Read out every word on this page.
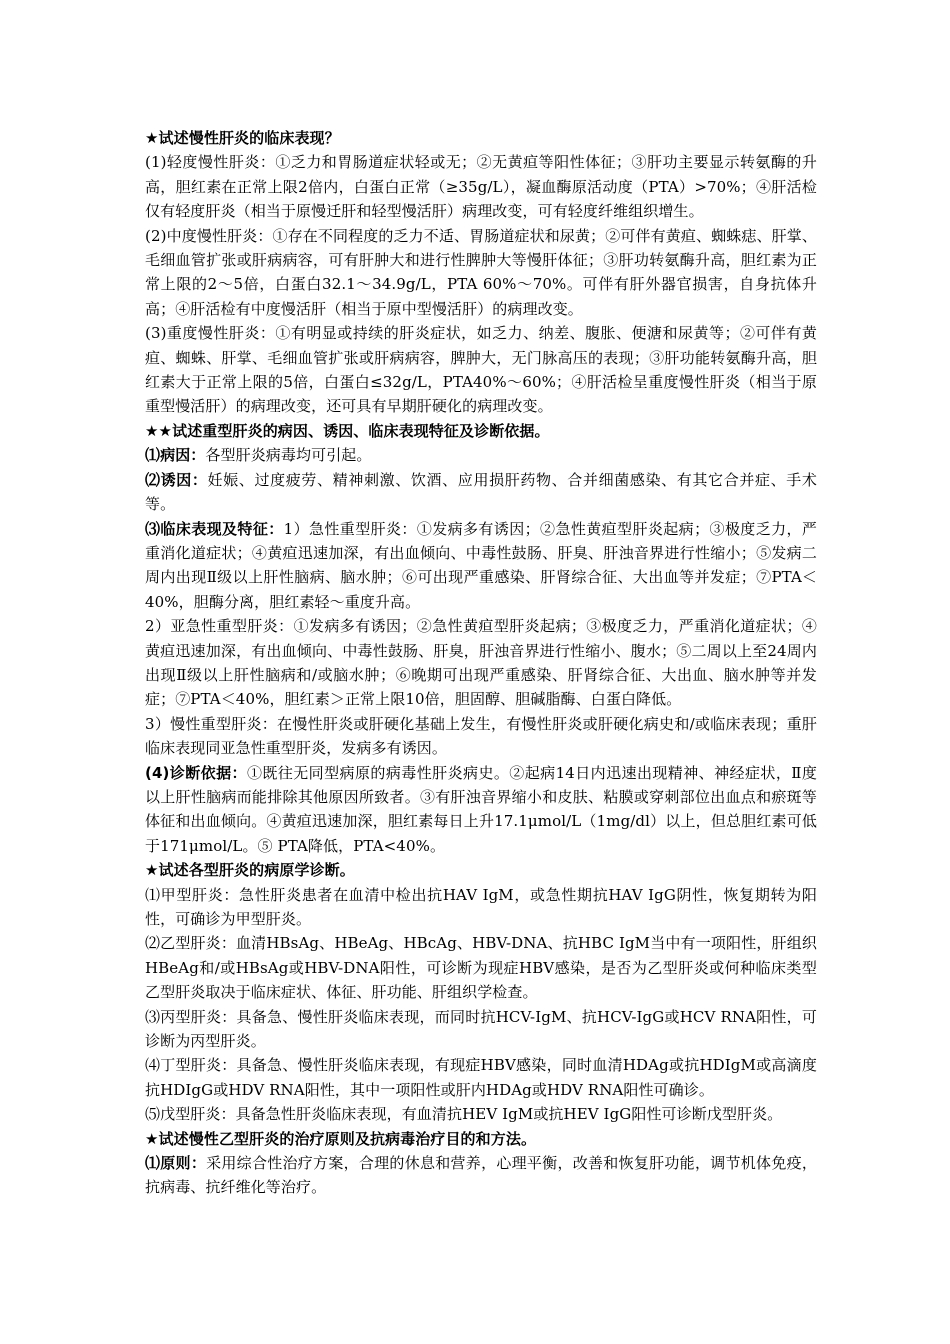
★试述慢性肝炎的临床表现？

(1)轻度慢性肝炎：①乏力和胃肠道症状轻或无；②无黄疸等阳性体征；③肝功主要显示转氨酶的升高，胆红素在正常上限2倍内，白蛋白正常（≥35g/L），凝血酶原活动度（PTA）>70%；④肝活检仅有轻度肝炎（相当于原慢迁肝和轻型慢活肝）病理改变，可有轻度纤维组织增生。

(2)中度慢性肝炎：①存在不同程度的乏力不适、胃肠道症状和尿黄；②可伴有黄疸、蜘蛛痣、肝掌、毛细血管扩张或肝病病容，可有肝肿大和进行性脾肿大等慢肝体征；③肝功转氨酶升高，胆红素为正常上限的2～5倍，白蛋白32.1～34.9g/L，PTA 60%～70%。可伴有肝外器官损害，自身抗体升高；④肝活检有中度慢活肝（相当于原中型慢活肝）的病理改变。

(3)重度慢性肝炎：①有明显或持续的肝炎症状，如乏力、纳差、腹胀、便溏和尿黄等；②可伴有黄疸、蜘蛛、肝掌、毛细血管扩张或肝病病容，脾肿大，无门脉高压的表现；③肝功能转氨酶升高，胆红素大于正常上限的5倍，白蛋白≤32g/L，PTA40%～60%；④肝活检呈重度慢性肝炎（相当于原重型慢活肝）的病理改变，还可具有早期肝硬化的病理改变。

★★试述重型肝炎的病因、诱因、临床表现特征及诊断依据。

⑴病因：各型肝炎病毒均可引起。

⑵诱因：妊娠、过度疲劳、精神刺激、饮酒、应用损肝药物、合并细菌感染、有其它合并症、手术等。

⑶临床表现及特征：1）急性重型肝炎：①发病多有诱因；②急性黄疸型肝炎起病；③极度乏力，严重消化道症状；④黄疸迅速加深，有出血倾向、中毒性鼓肠、肝臭、肝浊音界进行性缩小；⑤发病二周内出现Ⅱ级以上肝性脑病、脑水肿；⑥可出现严重感染、肝肾综合征、大出血等并发症；⑦PTA＜40%，胆酶分离，胆红素轻～重度升高。

2）亚急性重型肝炎：①发病多有诱因；②急性黄疸型肝炎起病；③极度乏力，严重消化道症状；④黄疸迅速加深，有出血倾向、中毒性鼓肠、肝臭，肝浊音界进行性缩小、腹水；⑤二周以上至24周内出现Ⅱ级以上肝性脑病和/或脑水肿；⑥晚期可出现严重感染、肝肾综合征、大出血、脑水肿等并发症；⑦PTA＜40%，胆红素＞正常上限10倍，胆固醇、胆碱脂酶、白蛋白降低。

3）慢性重型肝炎：在慢性肝炎或肝硬化基础上发生，有慢性肝炎或肝硬化病史和/或临床表现；重肝临床表现同亚急性重型肝炎，发病多有诱因。

(4)诊断依据：①既往无同型病原的病毒性肝炎病史。②起病14日内迅速出现精神、神经症状，Ⅱ度以上肝性脑病而能排除其他原因所致者。③有肝浊音界缩小和皮肤、粘膜或穿刺部位出血点和瘀斑等体征和出血倾向。④黄疸迅速加深，胆红素每日上升17.1μmol/L（1mg/dl）以上，但总胆红素可低于171μmol/L。⑤ PTA降低，PTA<40%。

★试述各型肝炎的病原学诊断。

⑴甲型肝炎：急性肝炎患者在血清中检出抗HAV IgM，或急性期抗HAV IgG阴性，恢复期转为阳性，可确诊为甲型肝炎。

⑵乙型肝炎：血清HBsAg、HBeAg、HBcAg、HBV-DNA、抗HBC IgM当中有一项阳性，肝组织HBeAg和/或HBsAg或HBV-DNA阳性，可诊断为现症HBV感染，是否为乙型肝炎或何种临床类型乙型肝炎取决于临床症状、体征、肝功能、肝组织学检查。

⑶丙型肝炎：具备急、慢性肝炎临床表现，而同时抗HCV-IgM、抗HCV-IgG或HCV RNA阳性，可诊断为丙型肝炎。

⑷丁型肝炎：具备急、慢性肝炎临床表现，有现症HBV感染，同时血清HDAg或抗HDIgM或高滴度抗HDIgG或HDV RNA阳性，其中一项阳性或肝内HDAg或HDV RNA阳性可确诊。

⑸戊型肝炎：具备急性肝炎临床表现，有血清抗HEV IgM或抗HEV IgG阳性可诊断戊型肝炎。

★试述慢性乙型肝炎的治疗原则及抗病毒治疗目的和方法。

⑴原则：采用综合性治疗方案，合理的休息和营养，心理平衡，改善和恢复肝功能，调节机体免疫，抗病毒、抗纤维化等治疗。
